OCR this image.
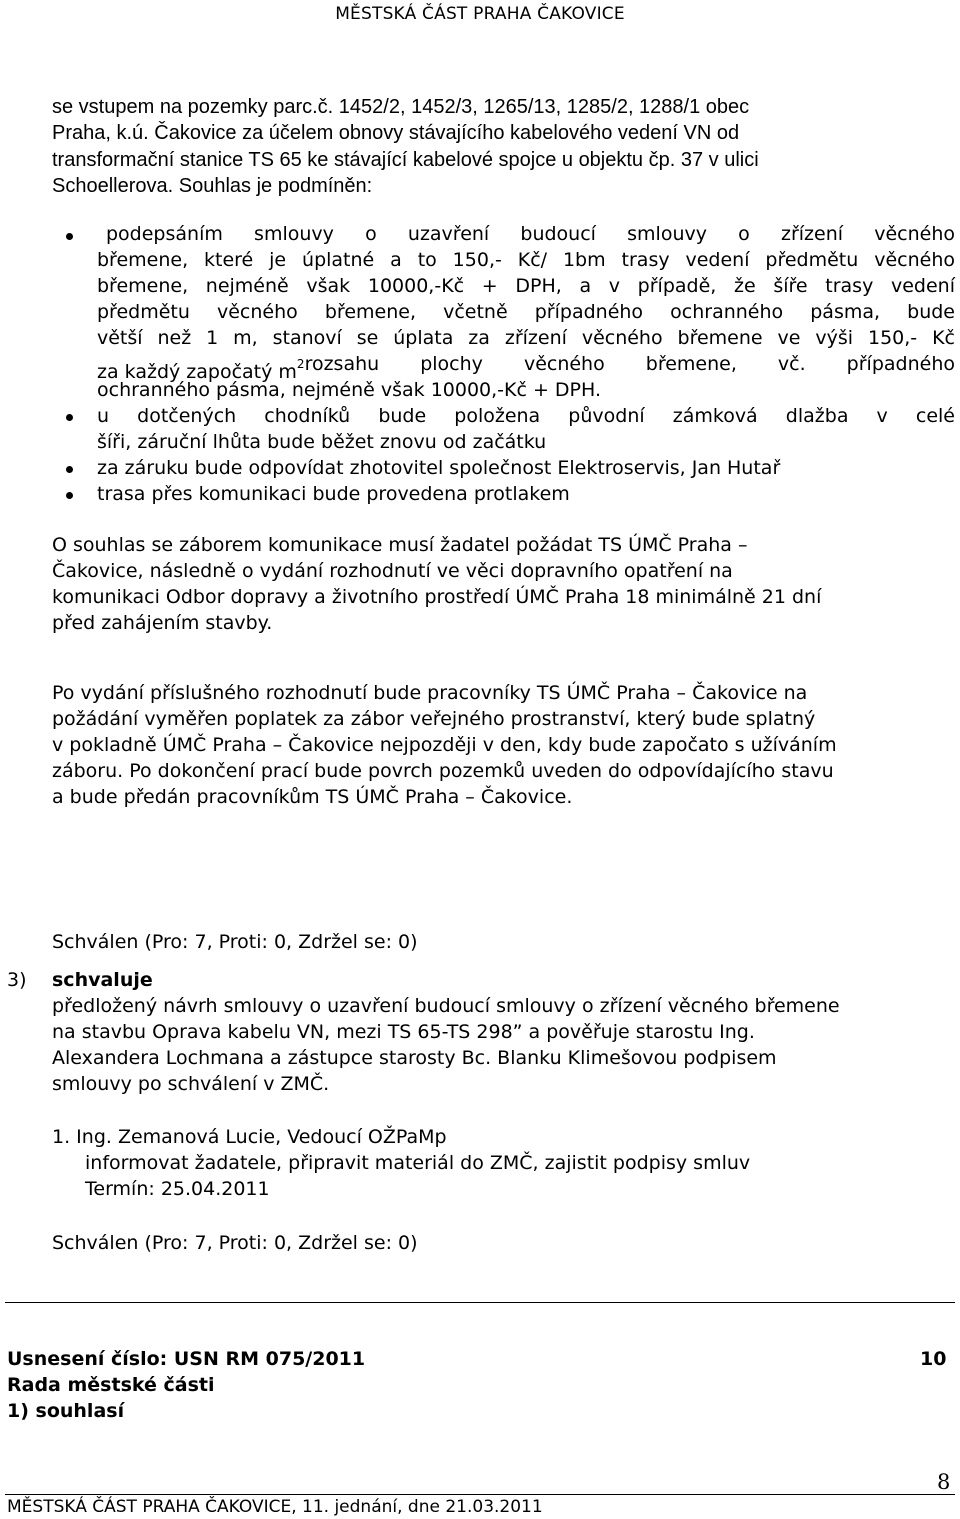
MĚSTSKÁ ČÁST PRAHA ČAKOVICE
se vstupem na pozemky parc.č. 1452/2, 1452/3, 1265/13, 1285/2, 1288/1 obec
Praha, k.ú. Čakovice za účelem obnovy stávajícího kabelového vedení VN od
transformační stanice TS 65 ke stávající kabelové spojce u objektu čp. 37 v ulici
Schoellerova. Souhlas je podmíněn:
podepsáním smlouvy o uzavření budoucí smlouvy o zřízení věcného
břemene, které je úplatné a to 150,- Kč/ 1bm trasy vedení předmětu věcného
břemene, nejméně však 10000,-Kč + DPH, a v případě, že šíře trasy vedení
předmětu věcného břemene, včetně případného ochranného pásma, bude
větší než 1 m, stanoví se úplata za zřízení věcného břemene ve výši 150,- Kč
za každý započatý $m^2$ rozsahu plochy věcného břemene, vč. případného
ochranného pásma, nejméně však 10000,-Kč + DPH.
u dotčených chodníků bude položena původní zámková dlažba v celé
šíři, záruční lhůta bude běžet znovu od začátku
za záruku bude odpovídat zhotovitel společnost Elektroservis, Jan Hutař
trasa přes komunikaci bude provedena protlakem
O souhlas se záborem komunikace musí žadatel požádat TS ÚMČ Praha –
Čakovice, následně o vydání rozhodnutí ve věci dopravního opatření na
komunikaci Odbor dopravy a životního prostředí ÚMČ Praha 18 minimálně 21 dní
před zahájením stavby.
Po vydání příslušného rozhodnutí bude pracovníky TS ÚMČ Praha – Čakovice na
požádání vyměřen poplatek za zábor veřejného prostranství, který bude splatný
v pokladně ÚMČ Praha – Čakovice nejpozději v den, kdy bude započato s užíváním
záboru. Po dokončení prací bude povrch pozemků uveden do odpovídajícího stavu
a bude předán pracovníkům TS ÚMČ Praha – Čakovice.
Schválen (Pro: 7, Proti: 0, Zdržel se: 0)
3) schvaluje
předložený návrh smlouvy o uzavření budoucí smlouvy o zřízení věcného břemene
na stavbu Oprava kabelu VN, mezi TS 65-TS 298” a pověřuje starostu Ing.
Alexandera Lochmana a zástupce starosty Bc. Blanku Klimešovou podpisem
smlouvy po schválení v ZMČ.
1. Ing. Zemanová Lucie, Vedoucí OŽPaMp
informovat žadatele, připravit materiál do ZMČ, zajistit podpisy smluv
Termín: 25.04.2011
Schválen (Pro: 7, Proti: 0, Zdržel se: 0)
Usnesení číslo: USN RM 075/2011	10
Rada městské části
1) souhlasí
8
MĚSTSKÁ ČÁST PRAHA ČAKOVICE, 11. jednání, dne 21.03.2011
